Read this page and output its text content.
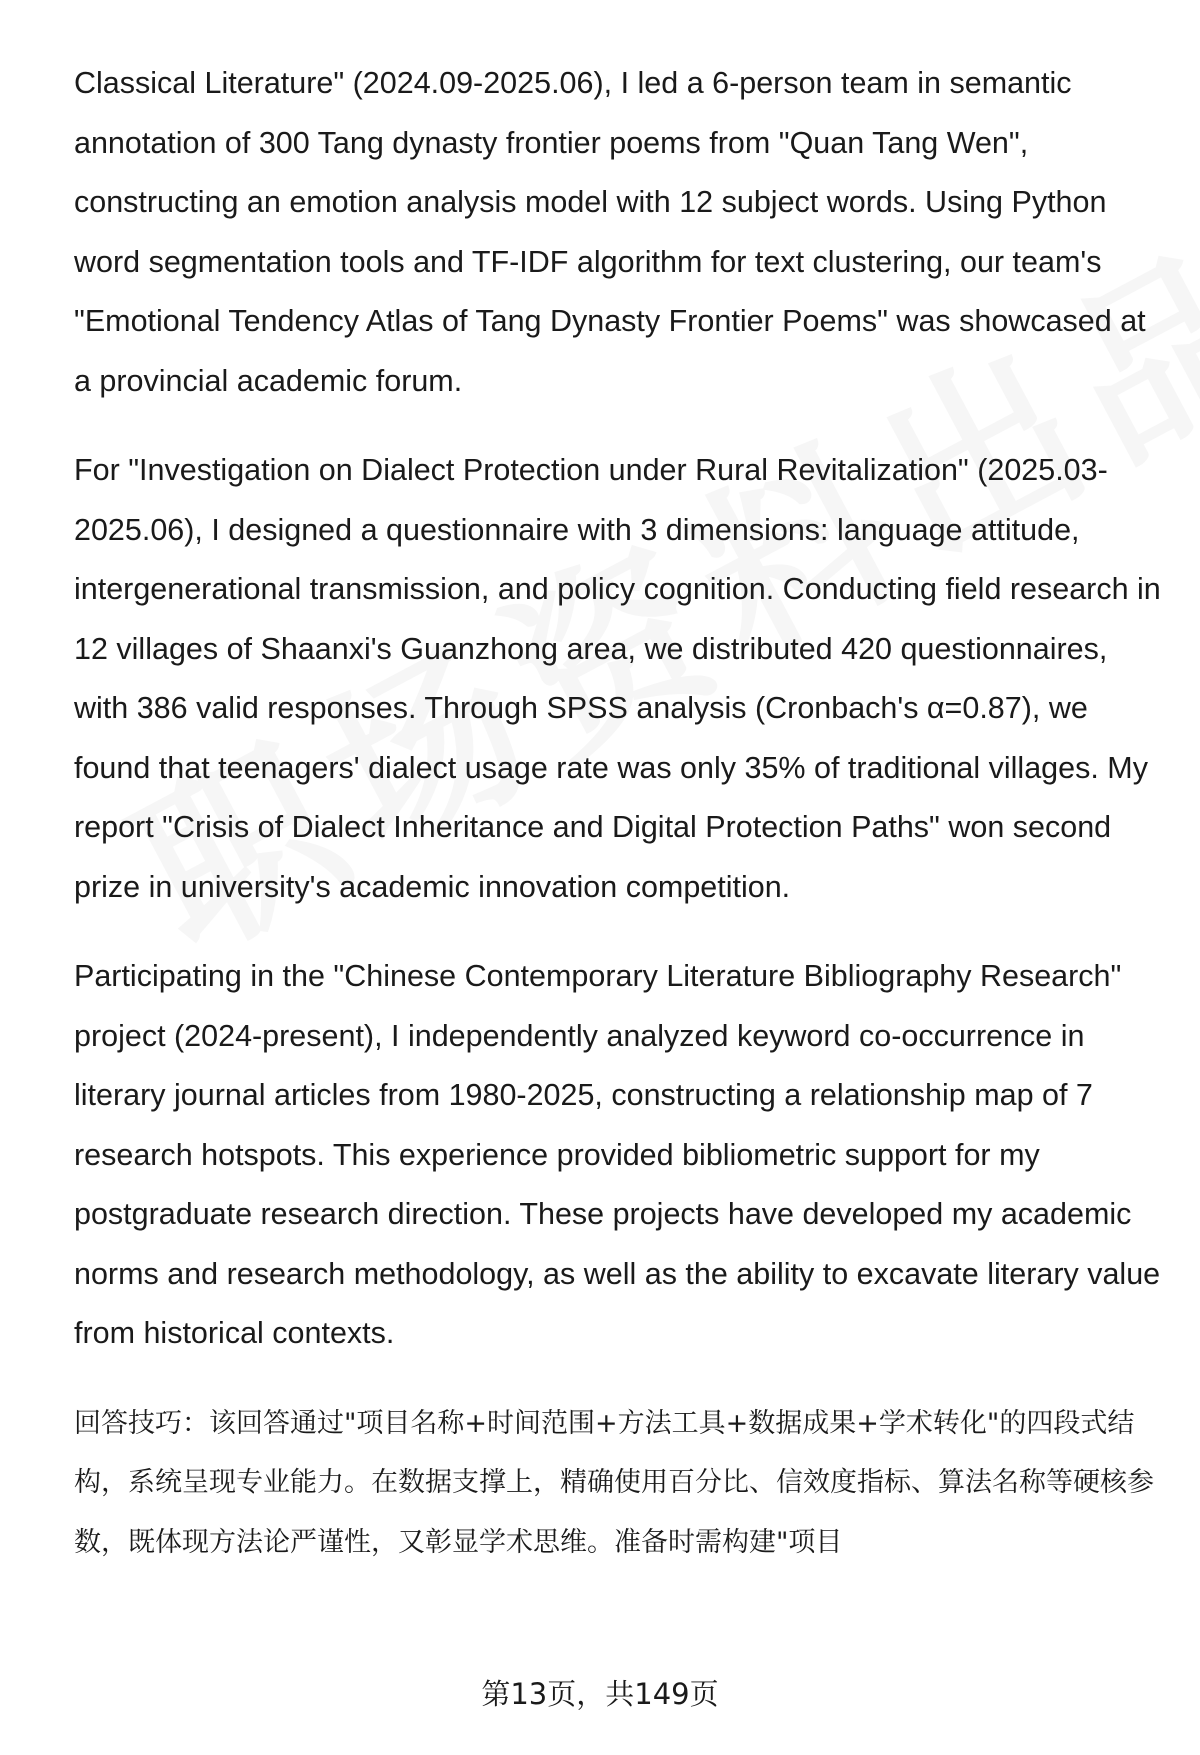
Classical Literature" (2024.09-2025.06), I led a 6-person team in semantic annotation of 300 Tang dynasty frontier poems from "Quan Tang Wen", constructing an emotion analysis model with 12 subject words. Using Python word segmentation tools and TF-IDF algorithm for text clustering, our team's "Emotional Tendency Atlas of Tang Dynasty Frontier Poems" was showcased at a provincial academic forum.

For "Investigation on Dialect Protection under Rural Revitalization" (2025.03-2025.06), I designed a questionnaire with 3 dimensions: language attitude, intergenerational transmission, and policy cognition. Conducting field research in 12 villages of Shaanxi's Guanzhong area, we distributed 420 questionnaires, with 386 valid responses. Through SPSS analysis (Cronbach's α=0.87), we found that teenagers' dialect usage rate was only 35% of traditional villages. My report "Crisis of Dialect Inheritance and Digital Protection Paths" won second prize in university's academic innovation competition.

Participating in the "Chinese Contemporary Literature Bibliography Research" project (2024-present), I independently analyzed keyword co-occurrence in literary journal articles from 1980-2025, constructing a relationship map of 7 research hotspots. This experience provided bibliometric support for my postgraduate research direction. These projects have developed my academic norms and research methodology, as well as the ability to excavate literary value from historical contexts.

回答技巧：该回答通过"项目名称+时间范围+方法工具+数据成果+学术转化"的四段式结构，系统呈现专业能力。在数据支撑上，精确使用百分比、信效度指标、算法名称等硬核参数，既体现方法论严谨性，又彰显学术思维。准备时需构建"项目

第13页，共149页
